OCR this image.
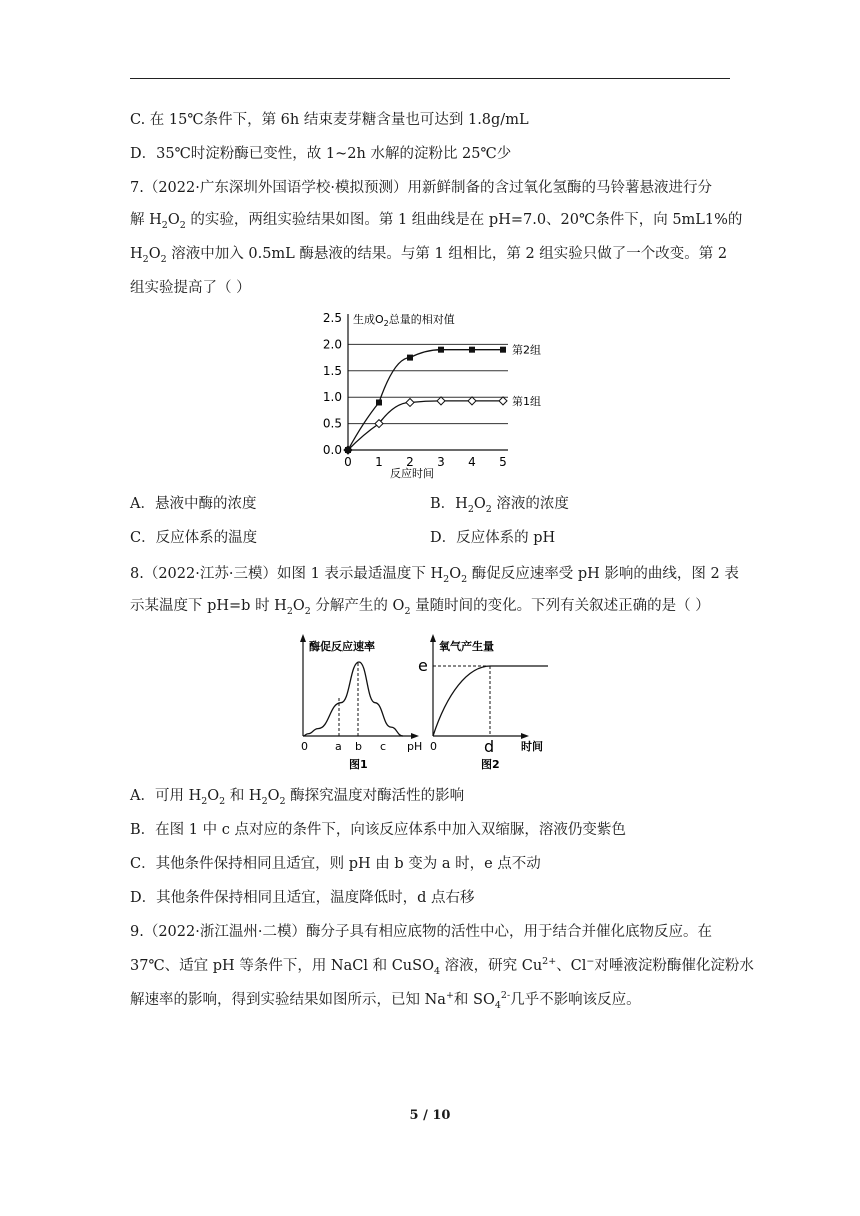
C. 在 15℃条件下，第 6h 结束麦芽糖含量也可达到 1.8g/mL
D．35℃时淀粉酶已变性，故 1~2h 水解的淀粉比 25℃少
7.（2022·广东深圳外国语学校·模拟预测）用新鲜制备的含过氧化氢酶的马铃薯悬液进行分
解 $H_2O_2$ 的实验，两组实验结果如图。第 1 组曲线是在 pH=7.0、20℃条件下，向 5mL1%的
$H_2O_2$ 溶液中加入 0.5mL 酶悬液的结果。与第 1 组相比，第 2 组实验只做了一个改变。第 2
组实验提高了（ ）
0.0
0.5
1.0
1.5
2.0
2.5
0 1 2 3 4 5
第2组
第1组
生成$O_2$总量的相对值
反应时间
A．悬液中酶的浓度	B．$H_2O_2$ 溶液的浓度
C．反应体系的温度	D．反应体系的 pH
8.（2022·江苏·三模）如图 1 表示最适温度下 $H_2O_2$ 酶促反应速率受 pH 影响的曲线，图 2 表
示某温度下 pH=b 时 $H_2O_2$ 分解产生的 $O_2$ 量随时间的变化。下列有关叙述正确的是（ ）
酶促反应速率
0 a b c pH
图1
氧气产生量
e
0	d 时间
图2
A．可用 $H_2O_2$ 和 $H_2O_2$ 酶探究温度对酶活性的影响
B．在图 1 中 c 点对应的条件下，向该反应体系中加入双缩脲，溶液仍变紫色
C．其他条件保持相同且适宜，则 pH 由 b 变为 a 时，e 点不动
D．其他条件保持相同且适宜，温度降低时，d 点右移
9.（2022·浙江温州·二模）酶分子具有相应底物的活性中心，用于结合并催化底物反应。在
37℃、适宜 pH 等条件下，用 NaCl 和 CuSO$_4$ 溶液，研究 $Cu^{2+}$、Cl−对唾液淀粉酶催化淀粉水
解速率的影响，得到实验结果如图所示，已知 Na+和 $SO_4^{2-}$几乎不影响该反应。
5 / 10
